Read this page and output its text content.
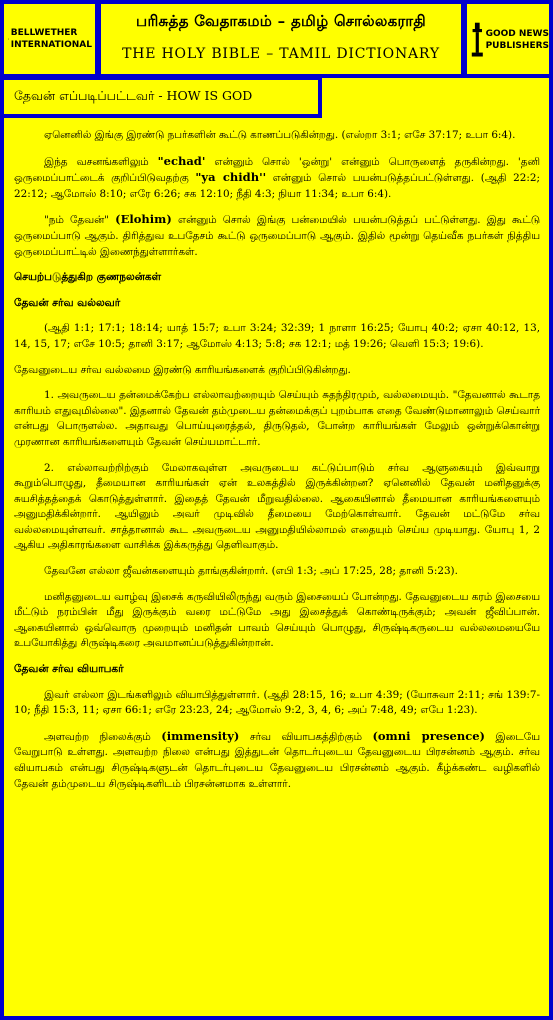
BELLWETHER
INTERNATIONAL
பரிசுத்த வேதாகமம் – தமிழ் சொல்லகராதி
THE HOLY BIBLE – TAMIL DICTIONARY
GOOD NEWS
PUBLISHERS
தேவன் எப்படிப்பட்டவர் - HOW IS GOD

ஏனெனில் இங்கு இரண்டு நபர்களின் கூட்டு காணப்படுகின்றது. (எஸ்றா 3:1; எசே 37:17; உபா 6:4).

இந்த வசனங்களிலும் "echad' என்னும் சொல் 'ஒன்று' என்னும் பொருளைத் தருகின்றது. 'தனி ஒருமைப்பாட்டைக் குறிப்பிடுவதற்கு "ya chidh'' என்னும் சொல் பயன்படுத்தப்பட்டுள்ளது. (ஆதி 22:2; 22:12; ஆமோஸ் 8:10; எரே 6:26; சக 12:10; நீதி 4:3; நியா 11:34; உபா 6:4).

"நம் தேவன்" (Elohim) என்னும் சொல் இங்கு பன்மையில் பயன்படுத்தப் பட்டுள்ளது. இது கூட்டு ஒருமைப்பாடு ஆகும். திரித்துவ உபதேசம் கூட்டு ஒருமைப்பாடு ஆகும். இதில் மூன்று தெய்வீக நபர்கள் நித்திய ஒருமைப்பாட்டில் இணைந்துள்ளார்கள்.

செயற்படுத்துகிற குணநலன்கள்
தேவன் சர்வ வல்லவர்

(ஆதி 1:1; 17:1; 18:14; யாத் 15:7; உபா 3:24; 32:39; 1 நாளா 16:25; யோபு 40:2; ஏசா 40:12, 13, 14, 15, 17; எசே 10:5; தானி 3:17; ஆமோஸ் 4:13; 5:8; சக 12:1; மத் 19:26; வெளி 15:3; 19:6).

தேவனுடைய சர்வ வல்லமை இரண்டு காரியங்களைக் குறிப்பிடுகின்றது.

1. அவருடைய தன்மைக்கேற்ப எல்லாவற்றையும் செய்யும் சுதந்திரமும், வல்லமையும். "தேவனால் கூடாத காரியம் எதுவுமில்லை". இதனால் தேவன் தம்முடைய தன்மைக்குப் புறம்பாக எதை வேண்டுமானாலும் செய்வார் என்பது பொருளல்ல. அதாவது பொய்யுரைத்தல், திருடுதல், போன்ற காரியங்கள் மேலும் ஒன்றுக்கொன்று முரணான காரியங்களையும் தேவன் செய்யமாட்டார்.

2. எல்லாவற்றிற்கும் மேலாகவுள்ள அவருடைய கட்டுப்பாடும் சர்வ ஆளுகையும் இவ்வாறு கூறும்பொழுது, தீமையான காரியங்கள் ஏன் உலகத்தில் இருக்கின்றன? ஏனெனில் தேவன் மனிதனுக்கு சுயசித்தத்தைக் கொடுத்துள்ளார். இதைத் தேவன் மீறுவதில்லை. ஆகையினால் தீமையான காரியங்களையும் அனுமதிக்கின்றார். ஆயினும் அவர் முடிவில் தீமையை மேற்கொள்வார். தேவன் மட்டுமே சர்வ வல்லமையுள்ளவர். சாத்தானால் கூட அவருடைய அனுமதியில்லாமல் எதையும் செய்ய முடியாது. யோபு 1, 2 ஆகிய அதிகாரங்களை வாசிக்க இக்கருத்து தெளிவாகும்.

தேவனே எல்லா ஜீவன்களையும் தாங்குகின்றார். (எபி 1:3; அப் 17:25, 28; தானி 5:23).

மனிதனுடைய வாழ்வு இசைக் கருவியிலிருந்து வரும் இசையைப் போன்றது. தேவனுடைய கரம் இசையை மீட்டும் நரம்பின் மீது இருக்கும் வரை மட்டுமே அது இசைத்துக் கொண்டிருக்கும்; அவன் ஜீவிப்பான். ஆகையினால் ஒவ்வொரு முறையும் மனிதன் பாவம் செய்யும் பொழுது, சிருஷ்டிகருடைய வல்லமையையே உபயோகித்து சிருஷ்டிகரை அவமானப்படுத்துகின்றான்.

தேவன் சர்வ வியாபகர்

இவர் எல்லா இடங்களிலும் வியாபித்துள்ளார். (ஆதி 28:15, 16; உபா 4:39; (யோசுவா 2:11; சங் 139:7-10; நீதி 15:3, 11; ஏசா 66:1; எரே 23:23, 24; ஆமோஸ் 9:2, 3, 4, 6; அப் 7:48, 49; எபே 1:23).

அளவற்ற நிலைக்கும் (immensity) சர்வ வியாபகத்திற்கும் (omni presence) இடையே வேறுபாடு உள்ளது. அளவற்ற நிலை என்பது இத்துடன் தொடர்புடைய தேவனுடைய பிரசன்னம் ஆகும். சர்வ வியாபகம் என்பது சிருஷ்டிகளுடன் தொடர்புடைய தேவனுடைய பிரசன்னம் ஆகும். கீழ்க்கண்ட வழிகளில் தேவன் தம்முடைய சிருஷ்டிகளிடம் பிரசன்னமாக உள்ளார்.
